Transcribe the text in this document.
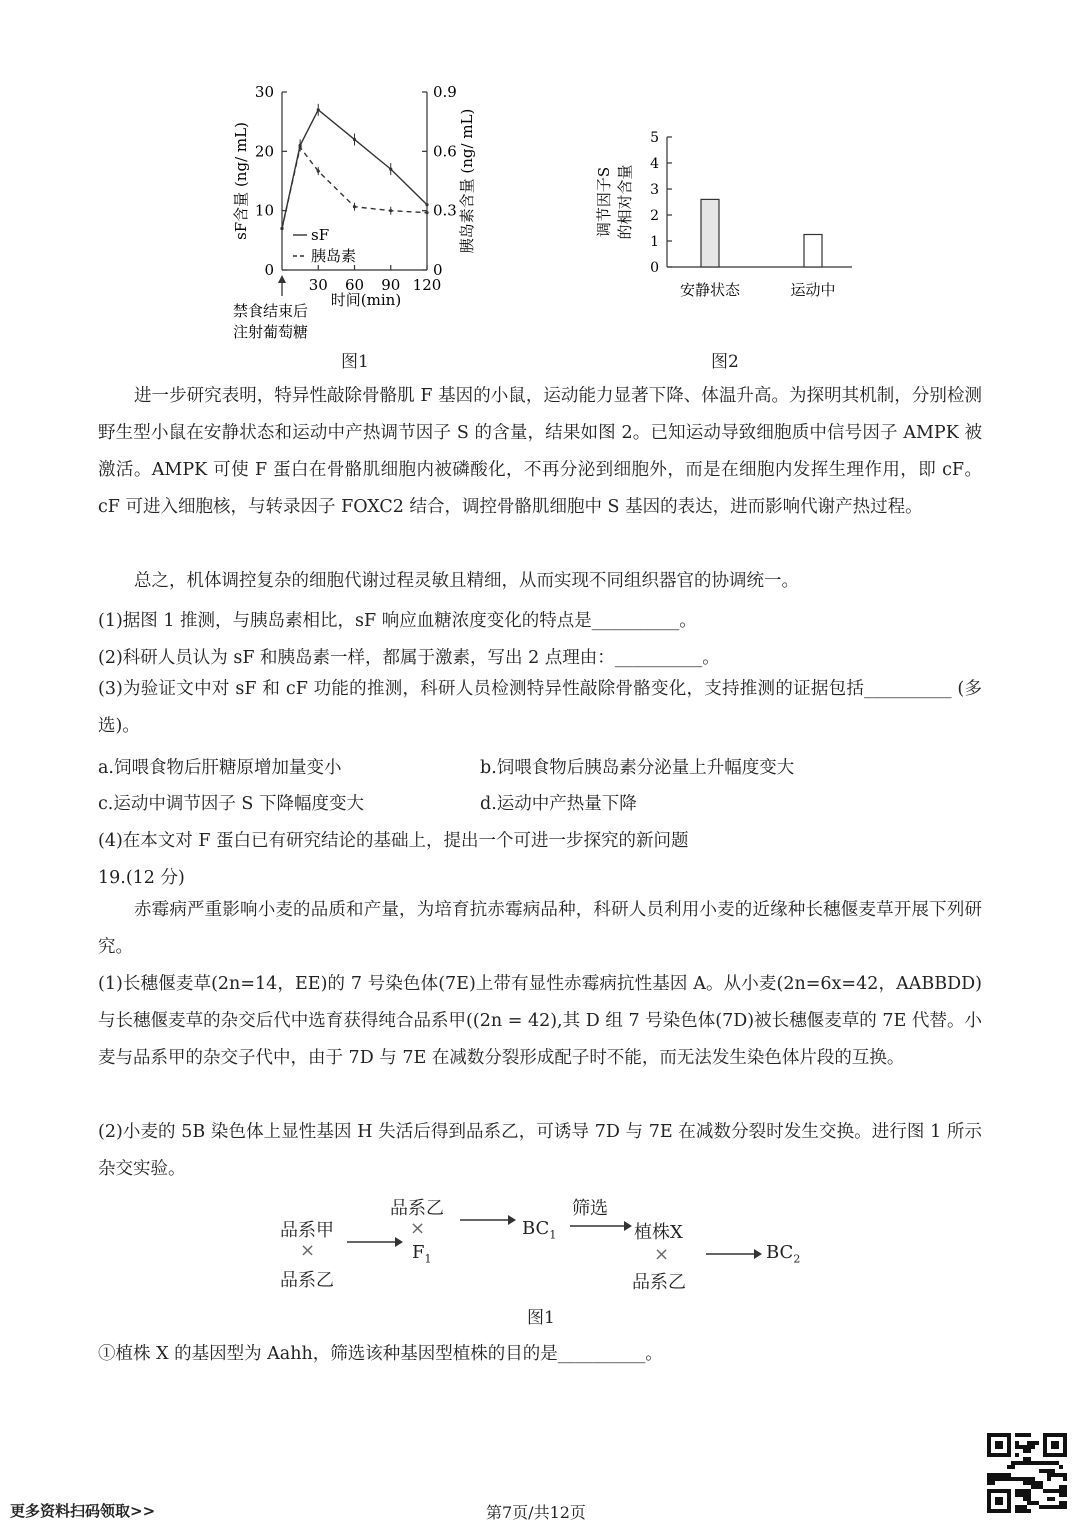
30
20
10
0
0.9
0.6
0.3
0
30 60 90 120
sF
胰岛素
sF含量 (ng/ mL)	胰岛素含量 (ng/ mL)
时间(min)
禁食结束后
注射葡萄糖
5
4
3
2
1
0
安静状态	运动中
调节因子S 的相对含量
图1	图2
进一步研究表明，特异性敲除骨骼肌 F 基因的小鼠，运动能力显著下降、体温升高。为探明其机制，分别检测野生型小鼠在安静状态和运动中产热调节因子 S 的含量，结果如图 2。已知运动导致细胞质中信号因子 AMPK 被激活。AMPK 可使 F 蛋白在骨骼肌细胞内被磷酸化，不再分泌到细胞外，而是在细胞内发挥生理作用，即 cF。cF 可进入细胞核，与转录因子 FOXC2 结合，调控骨骼肌细胞中 S 基因的表达，进而影响代谢产热过程。
总之，机体调控复杂的细胞代谢过程灵敏且精细，从而实现不同组织器官的协调统一。
(1)据图 1 推测，与胰岛素相比，sF 响应血糖浓度变化的特点是__________。
(2)科研人员认为 sF 和胰岛素一样，都属于激素，写出 2 点理由：__________。
(3)为验证文中对 sF 和 cF 功能的推测，科研人员检测特异性敲除骨骼变化，支持推测的证据包括__________ (多选)。
a.饲喂食物后肝糖原增加量变小	b.饲喂食物后胰岛素分泌量上升幅度变大
c.运动中调节因子 S 下降幅度变大	d.运动中产热量下降
(4)在本文对 F 蛋白已有研究结论的基础上，提出一个可进一步探究的新问题
19.(12 分)
赤霉病严重影响小麦的品质和产量，为培育抗赤霉病品种，科研人员利用小麦的近缘种长穗偃麦草开展下列研究。
(1)长穗偃麦草(2n=14，EE)的 7 号染色体(7E)上带有显性赤霉病抗性基因 A。从小麦(2n=6x=42，AABBDD)与长穗偃麦草的杂交后代中选育获得纯合品系甲((2n = 42),其 D 组 7 号染色体(7D)被长穗偃麦草的 7E 代替。小麦与品系甲的杂交子代中，由于 7D 与 7E 在减数分裂形成配子时不能，而无法发生染色体片段的互换。
(2)小麦的 5B 染色体上显性基因 H 失活后得到品系乙，可诱导 7D 与 7E 在减数分裂时发生交换。进行图 1 所示杂交实验。
品系甲
×
品系乙
品系乙
×
$F_1$
$BC_1$
筛选
植株X
×
品系乙
$BC_2$
图1
①植株 X 的基因型为 Aahh，筛选该种基因型植株的目的是__________。
更多资料扫码领取>>	第7页/共12页
